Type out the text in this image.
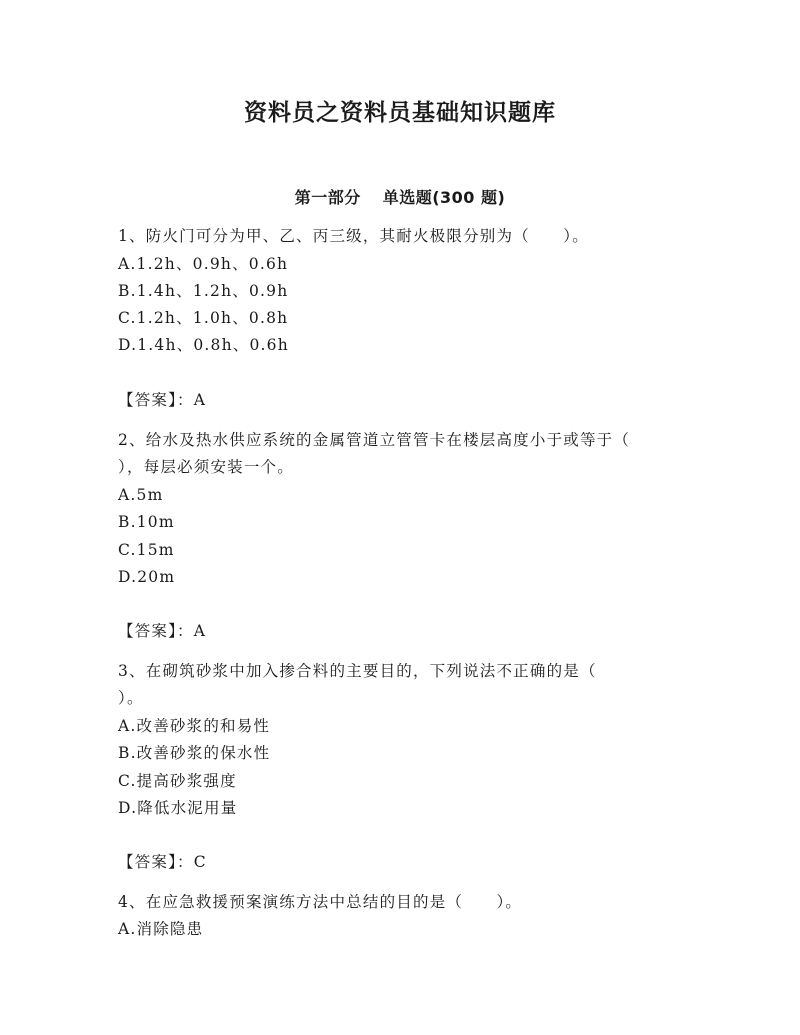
资料员之资料员基础知识题库
第一部分 单选题(300 题)
1、防火门可分为甲、乙、丙三级，其耐火极限分别为（　　）。
A.1.2h、0.9h、0.6h
B.1.4h、1.2h、0.9h
C.1.2h、1.0h、0.8h
D.1.4h、0.8h、0.6h
【答案】：A
2、给水及热水供应系统的金属管道立管管卡在楼层高度小于或等于（
），每层必须安装一个。
A.5m
B.10m
C.15m
D.20m
【答案】：A
3、在砌筑砂浆中加入掺合料的主要目的，下列说法不正确的是（
）。
A.改善砂浆的和易性
B.改善砂浆的保水性
C.提高砂浆强度
D.降低水泥用量
【答案】：C
4、在应急救援预案演练方法中总结的目的是（　　）。
A.消除隐患
